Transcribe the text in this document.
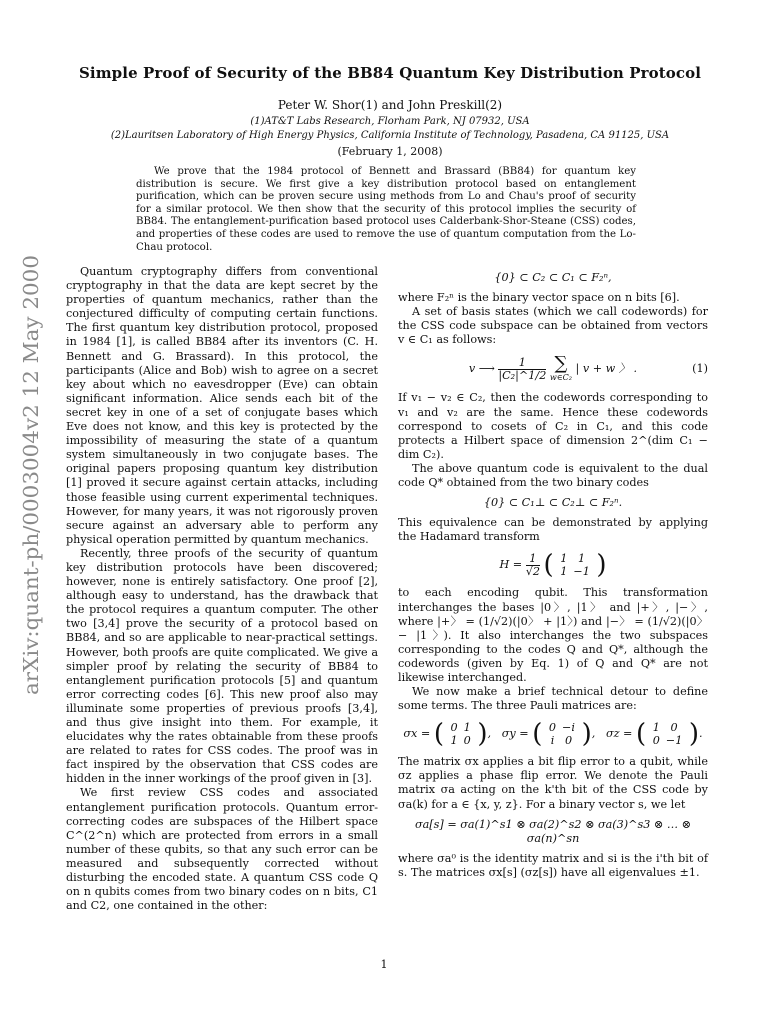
arXiv:quant-ph/0003004v2 12 May 2000
Simple Proof of Security of the BB84 Quantum Key Distribution Protocol
Peter W. Shor(1) and John Preskill(2)
(1)AT&T Labs Research, Florham Park, NJ 07932, USA
(2)Lauritsen Laboratory of High Energy Physics, California Institute of Technology, Pasadena, CA 91125, USA
(February 1, 2008)
We prove that the 1984 protocol of Bennett and Brassard (BB84) for quantum key distribution is secure. We first give a key distribution protocol based on entanglement purification, which can be proven secure using methods from Lo and Chau's proof of security for a similar protocol. We then show that the security of this protocol implies the security of BB84. The entanglement-purification based protocol uses Calderbank-Shor-Steane (CSS) codes, and properties of these codes are used to remove the use of quantum computation from the Lo-Chau protocol.

Quantum cryptography differs from conventional cryptography in that the data are kept secret by the properties of quantum mechanics, rather than the conjectured difficulty of computing certain functions. The first quantum key distribution protocol, proposed in 1984 [1], is called BB84 after its inventors (C. H. Bennett and G. Brassard). In this protocol, the participants (Alice and Bob) wish to agree on a secret key about which no eavesdropper (Eve) can obtain significant information. Alice sends each bit of the secret key in one of a set of conjugate bases which Eve does not know, and this key is protected by the impossibility of measuring the state of a quantum system simultaneously in two conjugate bases. The original papers proposing quantum key distribution [1] proved it secure against certain attacks, including those feasible using current experimental techniques. However, for many years, it was not rigorously proven secure against an adversary able to perform any physical operation permitted by quantum mechanics.

Recently, three proofs of the security of quantum key distribution protocols have been discovered; however, none is entirely satisfactory. One proof [2], although easy to understand, has the drawback that the protocol requires a quantum computer. The other two [3,4] prove the security of a protocol based on BB84, and so are applicable to near-practical settings. However, both proofs are quite complicated. We give a simpler proof by relating the security of BB84 to entanglement purification protocols [5] and quantum error correcting codes [6]. This new proof also may illuminate some properties of previous proofs [3,4], and thus give insight into them. For example, it elucidates why the rates obtainable from these proofs are related to rates for CSS codes. The proof was in fact inspired by the observation that CSS codes are hidden in the inner workings of the proof given in [3].

We first review CSS codes and associated entanglement purification protocols. Quantum error-correcting codes are subspaces of the Hilbert space C^(2^n) which are protected from errors in a small number of these qubits, so that any such error can be measured and subsequently corrected without disturbing the encoded state. A quantum CSS code Q on n qubits comes from two binary codes on n bits, C1 and C2, one contained in the other:

{0} ⊂ C₂ ⊂ C₁ ⊂ F₂ⁿ,

where F₂ⁿ is the binary vector space on n bits [6].

A set of basis states (which we call codewords) for the CSS code subspace can be obtained from vectors v ∈ C₁ as follows:

v ⟶ $\frac{1}{\text{|C₂|\textasciicircum{}1/2}}$
∑
w∈C₂
| v + w 〉 .	(1)

If v₁ − v₂ ∈ C₂, then the codewords corresponding to v₁ and v₂ are the same. Hence these codewords correspond to cosets of C₂ in C₁, and this code protects a Hilbert space of dimension 2^(dim C₁ − dim C₂).

The above quantum code is equivalent to the dual code Q* obtained from the two binary codes

{0} ⊂ C₁⊥ ⊂ C₂⊥ ⊂ F₂ⁿ.

This equivalence can be demonstrated by applying the Hadamard transform

$H = \frac{1}{√2}$ ( 1	1
1	−1 )

to each encoding qubit. This transformation interchanges the bases |0〉, |1〉 and |+〉, |−〉, where |+〉 = (1/√2)(|0〉 + |1〉) and |−〉 = (1/√2)(|0〉 − |1〉). It also interchanges the two subspaces corresponding to the codes Q and Q*, although the codewords (given by Eq. 1) of Q and Q* are not likewise interchanged.

We now make a brief technical detour to define some terms. The three Pauli matrices are:

σx = ( 0	1
1	0 ),   σy = ( 0	−i
i	0 ),   σz = ( 1	0
0	−1 ).

The matrix σx applies a bit flip error to a qubit, while σz applies a phase flip error. We denote the Pauli matrix σa acting on the k'th bit of the CSS code by σa(k) for a ∈ {x, y, z}. For a binary vector s, we let

σa[s] = σa(1)^s1 ⊗ σa(2)^s2 ⊗ σa(3)^s3 ⊗ … ⊗ σa(n)^sn

where σa⁰ is the identity matrix and si is the i'th bit of s. The matrices σx[s] (σz[s]) have all eigenvalues ±1.

1
